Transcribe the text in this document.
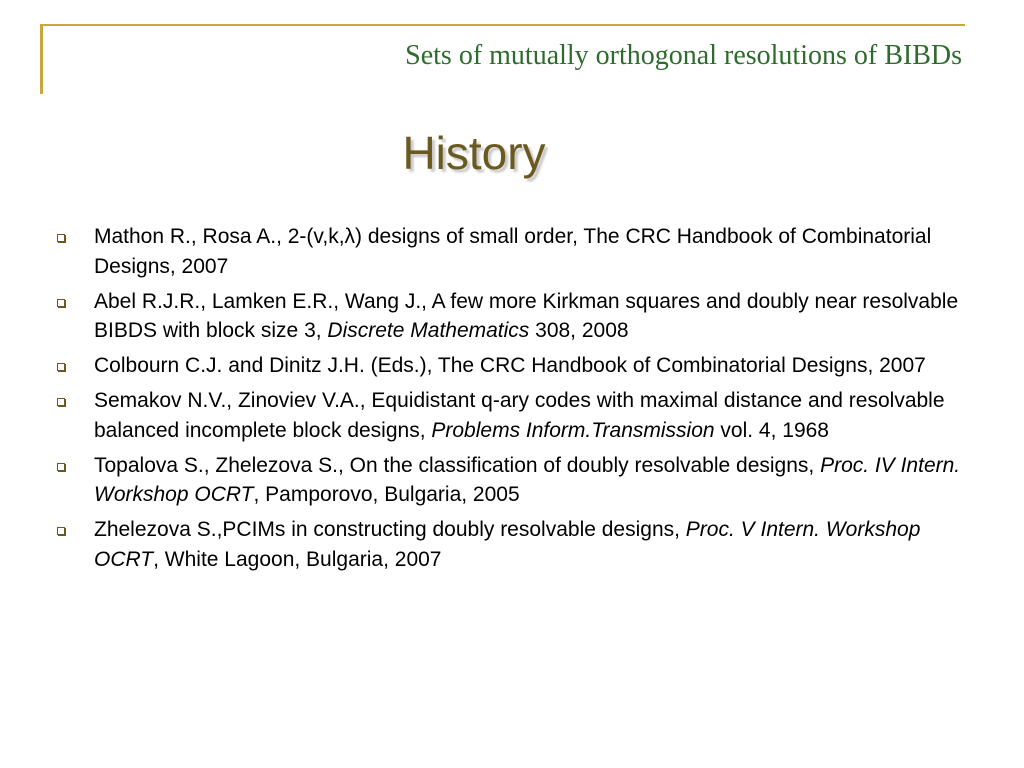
Sets of mutually orthogonal resolutions of BIBDs
History
Mathon R., Rosa A., 2-(v,k,λ) designs of small order, The CRC Handbook of Combinatorial Designs, 2007
Abel R.J.R., Lamken E.R., Wang J., A few more Kirkman squares and doubly near resolvable BIBDS with block size 3, Discrete Mathematics 308, 2008
Colbourn C.J. and Dinitz J.H. (Eds.), The CRC Handbook of Combinatorial Designs, 2007
Semakov N.V., Zinoviev V.A., Equidistant q-ary codes with maximal distance and resolvable balanced incomplete block designs, Problems Inform.Transmission vol. 4, 1968
Topalova S., Zhelezova S., On the classification of doubly resolvable designs, Proc. IV Intern. Workshop OCRT, Pamporovo, Bulgaria, 2005
Zhelezova S.,PCIMs in constructing doubly resolvable designs, Proc. V Intern. Workshop OCRT, White Lagoon, Bulgaria, 2007
